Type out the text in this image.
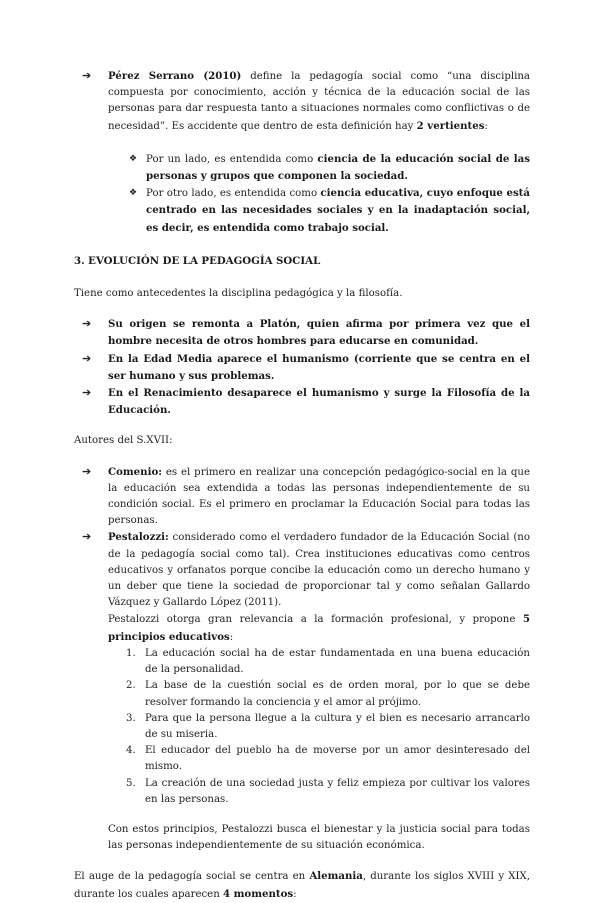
➔ Pérez Serrano (2010) define la pedagogía social como “una disciplina compuesta por conocimiento, acción y técnica de la educación social de las personas para dar respuesta tanto a situaciones normales como conflictivas o de necesidad”. Es accidente que dentro de esta definición hay 2 vertientes:

❖ Por un lado, es entendida como ciencia de la educación social de las personas y grupos que componen la sociedad.

❖ Por otro lado, es entendida como ciencia educativa, cuyo enfoque está centrado en las necesidades sociales y en la inadaptación social, es decir, es entendida como trabajo social.

3. EVOLUCIÓN DE LA PEDAGOGÍA SOCIAL

Tiene como antecedentes la disciplina pedagógica y la filosofía.

➔ Su origen se remonta a Platón, quien afirma por primera vez que el hombre necesita de otros hombres para educarse en comunidad.

➔ En la Edad Media aparece el humanismo (corriente que se centra en el ser humano y sus problemas.

➔ En el Renacimiento desaparece el humanismo y surge la Filosofía de la Educación.

Autores del S.XVII:

➔ Comenio: es el primero en realizar una concepción pedagógico-social en la que la educación sea extendida a todas las personas independientemente de su condición social. Es el primero en proclamar la Educación Social para todas las personas.

➔ Pestalozzi: considerado como el verdadero fundador de la Educación Social (no de la pedagogía social como tal). Crea instituciones educativas como centros educativos y orfanatos porque concibe la educación como un derecho humano y un deber que tiene la sociedad de proporcionar tal y como señalan Gallardo Vázquez y Gallardo López (2011).

Pestalozzi otorga gran relevancia a la formación profesional, y propone 5 principios educativos:

1. La educación social ha de estar fundamentada en una buena educación de la personalidad.

2. La base de la cuestión social es de orden moral, por lo que se debe resolver formando la conciencia y el amor al prójimo.

3. Para que la persona llegue a la cultura y el bien es necesario arrancarlo de su miseria.

4. El educador del pueblo ha de moverse por un amor desinteresado del mismo.

5. La creación de una sociedad justa y feliz empieza por cultivar los valores en las personas.

Con estos principios, Pestalozzi busca el bienestar y la justicia social para todas las personas independientemente de su situación económica.

El auge de la pedagogía social se centra en Alemania, durante los siglos XVIII y XIX, durante los cuales aparecen 4 momentos:
